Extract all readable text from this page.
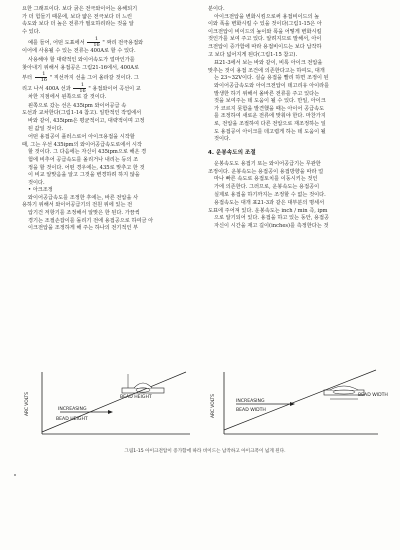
요한 그래프이다. 보다 굵은 전극와이어는 용해되기
가 더 힘들기 때문에, 보다 얇은 전극보다 더 느린
속도와 보다 더 높은 전류가 필요하리라는 것을 알
수 있다.

예를 들어, 어떤 도표에서 $\frac{1}{16}$ " 짜리 전극용접와
이어에 사용될 수 있는 전류는 400A로 할 수 있다.

사용해야 할 대략적인 와이어속도가 얼마인가를
찾아내기 위해서 용접공은 그림21-16에서, 400A로
부터 $\frac{1}{16}$ " 직선까지 선을 그어 올라갈 것이다. 그
리고 나서 400A 선과 $\frac{1}{16}$ " 용접와이어 곡선이 교
차한 지점에서 왼쪽으로 갈 것이다.

왼쪽으로 갔는 선은 435ipm 와이어공급 속
도선과 교차한다(그림1-14 참고). 일반적인 작업에서
바와 같이, 435ipm은 평균적이고, 대략적이며 고정
된 값일 것이다.

어떤 용접공이 플러스로어 아이크용접을 시작할
때, 그는 우선 435ipm의 와이어공급속도로에서 시작
할 것이다. 그 다음에는 자신이 435ipm으로 해온 경
험에 비추어 공급속도를 올리거나 내리는 등의 조
정을 할 것이다. 어떤 경우에는, 435로 맞추고 한 것
이 비교 알맞음을 알고 그것을 변경하려 하지 않을
것이다.

• 아크조정

와이어공급속도를 조정한 후에는, 바른 전압을 사
용하기 위해서 와이어공급기의 전원 위에 있는 전
압기건 저항기를 조정해서 알맞은 한 된다. 가끔씩
경기는 조절손잡이를 돌리기 전에 용접공으로 하여금 아
이크전압을 조정하게 해 주는 하나의 전기적인 부

분이다.
아이크전압을 변화시킴으로써 용접비이드의 높
이와 폭을 변화시킬 수 있을 것이다(그림1-15은 아
이크전압이 비이드의 높이와 폭을 어떻게 변화시킬
것인가를 보여 주고 있다. 알려지므로 말해서, 아이
크전압이 증가함에 따라 용접비이드는 보다 납작하
고 보다 넓어지게 된다(그림1-15 참고).

표21-3에서 보는 바와 같이, 비록 아이크 전압을
맞추는 것이 용접 조건에 의존한다고는 하여도, 대개
는 23~32V이다. 실습 용접을 빨리 하면 조정이 된
와이어공급속도와 아이크전압이 데고리유 아이라를
발생한 하기 위해서 올바른 전류를 주고 있다는
것을 보여주는 데 도움이 될 수 있다. 만일, 아이크
가 코르지 못함을 발견했을 때는 아이어 공급속도
를 조정하여 새로운 전류에 맞춰야 한다. 마찬가지
로, 전압을 조절하여 다른 전압으로 재조정하는 일
도 용접공이 아이크를 데고렵게 하는 데 도움이 될
것이다.

4. 운봉속도의 조절

운봉속도도 용접기 또는 와이어공급기는 무관한
조정이다. 운봉속도는 용접공이 용접방향을 따라 얼
마나 빠른 속도로 용접토치를 이동시키는 것인
가에 의존한다. 그러므로, 운봉속도는 용접공이
실제로 용접을 하기까지는 조정할 수 없는 것이다.

용접속도는 대개 표21-3과 같은 대부분의 명세서
도표에 주어져 있다. 운봉속도는 inch / min 즉, ipm
으로 알기되어 있다. 용접을 하고 있는 동안, 용접공
자신이 시간을 재고 길이(inches)를 측정한다는 것

BEAD HEIGHT
INCREASING
BEAD HEIGHT
ARC VOLTS	BEAD WIDTH
INCREASING
BEAD WIDTH
ARC VOLTS
그림1-15 아이크전압이 증가함에 따라 비이드는 납작하고 아이크폭이 넓게 된다.
